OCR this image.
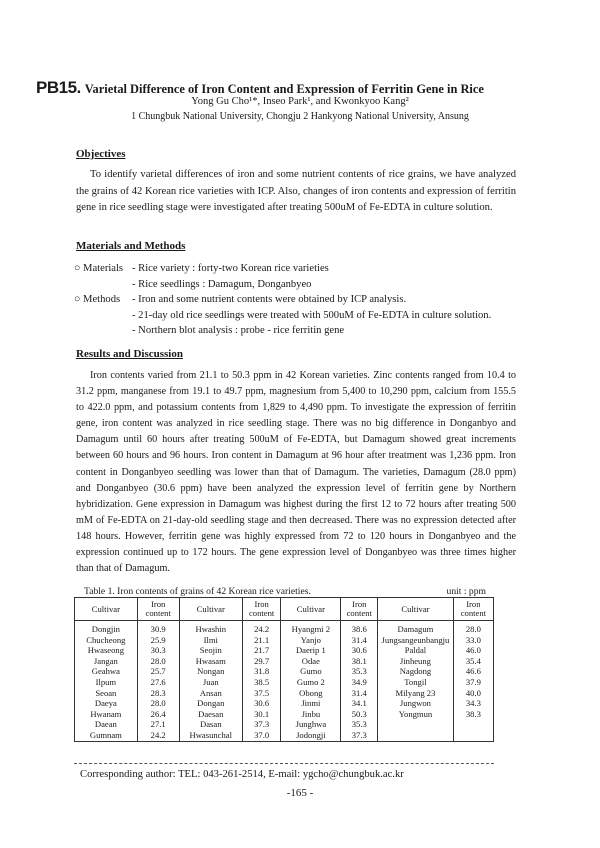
PB15. Varietal Difference of Iron Content and Expression of Ferritin Gene in Rice
Yong Gu Cho¹*, Inseo Park¹, and Kwonkyoo Kang²
1 Chungbuk National University, Chongju 2 Hankyong National University, Ansung
Objectives
To identify varietal differences of iron and some nutrient contents of rice grains, we have analyzed the grains of 42 Korean rice varieties with ICP. Also, changes of iron contents and expression of ferritin gene in rice seedling stage were investigated after treating 500uM of Fe-EDTA in culture solution.
Materials and Methods
○ Materials - Rice variety : forty-two Korean rice varieties
- Rice seedlings : Damagum, Donganbyeo
○ Methods	- Iron and some nutrient contents were obtained by ICP analysis.
- 21-day old rice seedlings were treated with 500uM of Fe-EDTA in culture solution.
- Northern blot analysis : probe - rice ferritin gene
Results and Discussion
Iron contents varied from 21.1 to 50.3 ppm in 42 Korean varieties. Zinc contents ranged from 10.4 to 31.2 ppm, manganese from 19.1 to 49.7 ppm, magnesium from 5,400 to 10,290 ppm, calcium from 155.5 to 422.0 ppm, and potassium contents from 1,829 to 4,490 ppm. To investigate the expression of ferritin gene, iron content was analyzed in rice seedling stage. There was no big difference in Donganbyo and Damagum until 60 hours after treating 500uM of Fe-EDTA, but Damagum showed great increments between 60 hours and 96 hours. Iron content in Damagum at 96 hour after treatment was 1,236 ppm. Iron content in Donganbyeo seedling was lower than that of Damagum. The varieties, Damagum (28.0 ppm) and Donganbyeo (30.6 ppm) have been analyzed the expression level of ferritin gene by Northern hybridization. Gene expression in Damagum was highest during the first 12 to 72 hours after treating 500 mM of Fe-EDTA on 21-day-old seedling stage and then decreased. There was no expression detected after 148 hours. However, ferritin gene was highly expressed from 72 to 120 hours in Donganbyeo and the expression continued up to 172 hours. The gene expression level of Donganbyeo was three times higher than that of Damagum.
Table 1. Iron contents of grains of 42 Korean rice varieties.	unit : ppm
Cultivar	Iron content	Cultivar	Iron content	Cultivar	Iron content	Cultivar	Iron content
Dongjin	30.9	Hwashin	24.2	Hyangmi 2	38.6	Damagum	28.0
Chucheong	25.9	Ilmi	21.1	Yanjo	31.4	Jungsangeunbangju	33.0
Hwaseong	30.3	Seojin	21.7	Daerip 1	30.6	Paldal	46.0
Jangan	28.0	Hwasam	29.7	Odae	38.1	Jinheung	35.4
Geahwa	25.7	Nongan	31.8	Gumo	35.3	Nagdong	46.6
Ilpum	27.6	Juan	38.5	Gumo 2	34.9	Tongil	37.9
Seoan	28.3	Ansan	37.5	Obong	31.4	Milyang 23	40.0
Daeya	28.0	Dongan	30.6	Jinmi	34.1	Jungwon	34.3
Hwanam	26.4	Daesan	30.1	Jinbu	50.3	Yongmun	38.3
Daean	27.1	Dasan	37.3	Junghwa	35.3		
Gumnam	24.2	Hwasunchal	37.0	Jodongji	37.3		
Corresponding author: TEL: 043-261-2514, E-mail: ygcho@chungbuk.ac.kr
-165 -
